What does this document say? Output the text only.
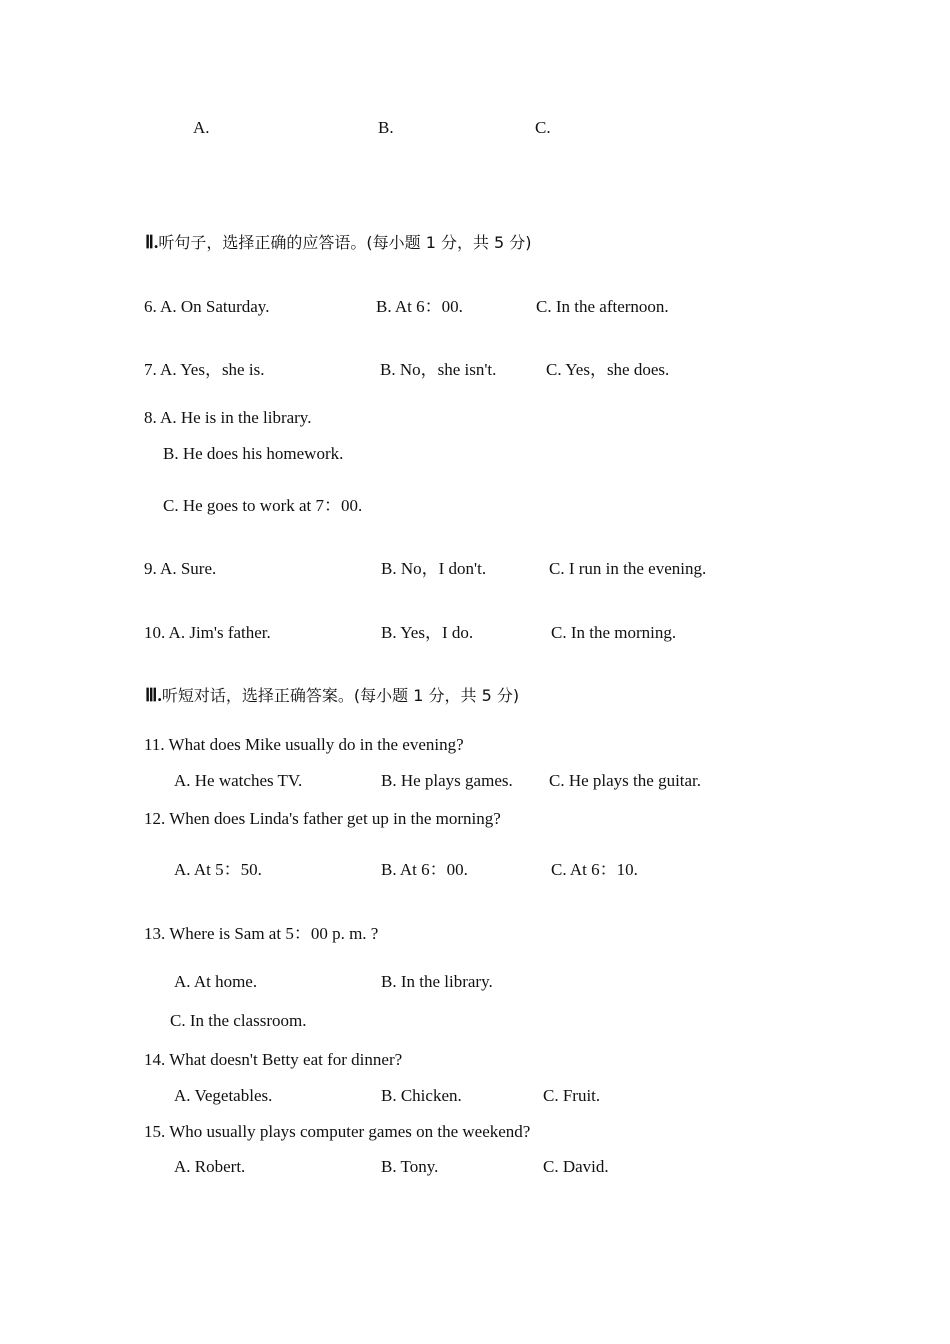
A.	B.	C.
Ⅱ.听句子，选择正确的应答语。(每小题 1 分，共 5 分)
6. A. On Saturday.	B. At 6：00.	C. In the afternoon.
7. A. Yes，she is.	B. No，she isn't.	C. Yes，she does.
8. A. He is in the library.
B. He does his homework.
C. He goes to work at 7：00.
9. A. Sure.	B. No，I don't.	C. I run in the evening.
10. A. Jim's father.	B. Yes，I do.	C. In the morning.
Ⅲ.听短对话，选择正确答案。(每小题 1 分，共 5 分)
11. What does Mike usually do in the evening?
A. He watches TV.	B. He plays games. C. He plays the guitar.
12. When does Linda's father get up in the morning?
A. At 5：50.	B. At 6：00.	C. At 6：10.
13. Where is Sam at 5：00 p. m. ?
A. At home.	B. In the library.
C. In the classroom.
14. What doesn't Betty eat for dinner?
A. Vegetables.	B. Chicken.	C. Fruit.
15. Who usually plays computer games on the weekend?
A. Robert.	B. Tony.	C. David.
